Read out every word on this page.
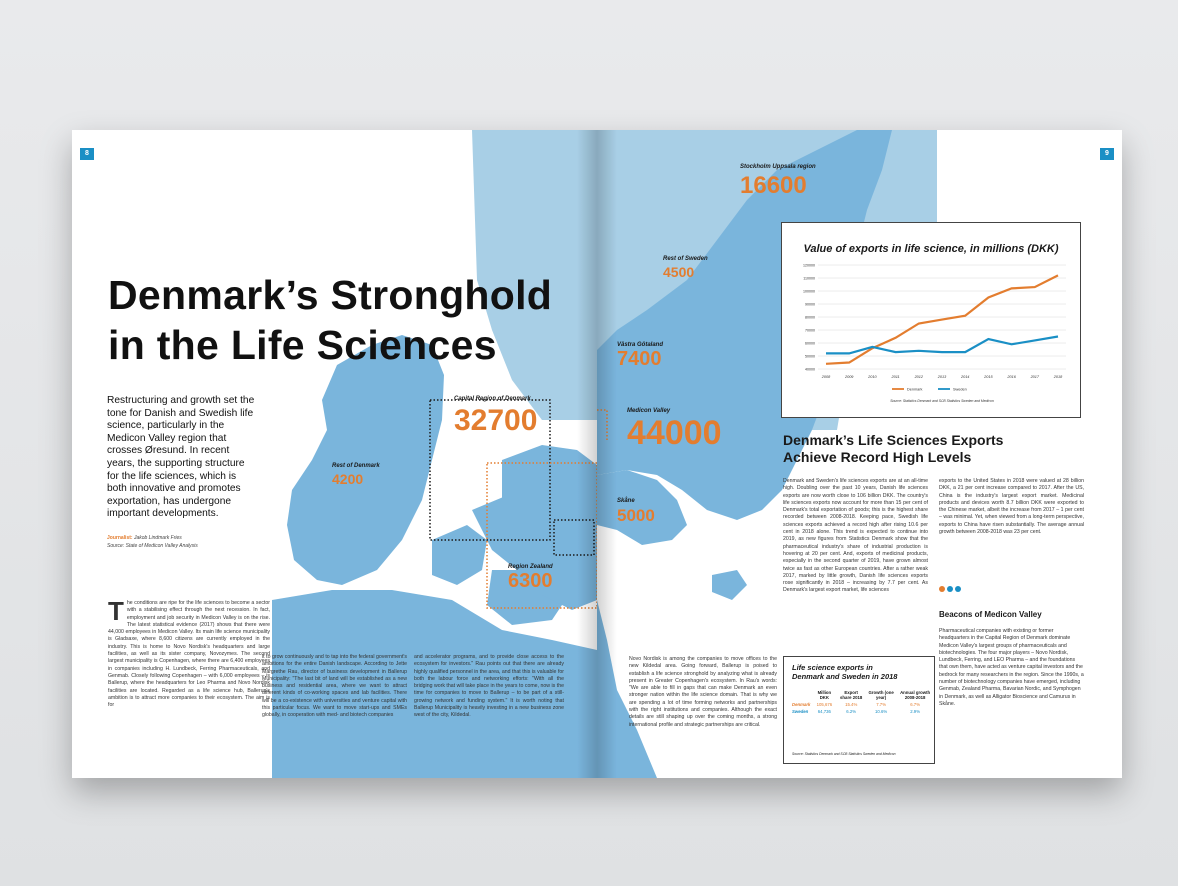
8
Denmark’s Stronghold
in the Life Sciences
Restructuring and growth set the tone for Danish and Swedish life science, particularly in the Medicon Valley region that crosses Øresund. In recent years, the supporting structure for the life sciences, which is both innovative and promotes exportation, has undergone important developments.
Journalist: Jakob Lindmark Fries
Source: State of Medicon Valley Analysis
Rest of Denmark
4200
Capital Region of Denmark
32700
Region Zealand
6300
T he conditions are ripe for the life sciences to become a sector with a stabilising effect through the next recession. In fact, employment and job security in Medicon Valley is on the rise. The latest statistical evidence (2017) shows that there were 44,000 employees in Medicon Valley. Its main life science municipality is Gladsaxe, where 8,600 citizens are currently employed in the industry. This is home to Novo Nordisk's headquarters and large facilities, as well as its sister company, Novozymes. The second largest municipality is Copenhagen, where there are 6,400 employees in companies including H. Lundbeck, Ferring Pharmaceuticals, and Genmab. Closely following Copenhagen – with 6,000 employees – is Ballerup, where the headquarters for Leo Pharma and Novo Nordisk facilities are located. Regarded as a life science hub, Ballerup's ambition is to attract more companies to their ecosystem. The aim is for
it to grow continuously and to tap into the federal government's ambitions for the entire Danish landscape. According to Jette Margrethe Rau, director of business development in Ballerup Municipality: "The last bit of land will be established as a new business and residential area, where we want to attract different kinds of co-working spaces and lab facilities. There will be a co-existence with universities and venture capital with this particular focus. We want to move start-ups and SMEs globally, in cooperation with med- and biotech companies
and accelerator programs, and to provide close access to the ecosystem for investors." Rau points out that there are already highly qualified personnel in the area, and that this is valuable for both the labour force and networking efforts: "With all the bridging work that will take place in the years to come, now is the time for companies to move to Ballerup – to be part of a still-growing network and funding system." It is worth noting that Ballerup Municipality is heavily investing in a new business zone west of the city, Kildedal.
9
Stockholm Uppsala region
16600
Rest of Sweden
4500
Västra Götaland
7400
Medicon Valley
44000
Skåne
5000
Value of exports in life science, in millions (DKK)
40000
50000
60000
70000
80000
90000
100000
110000
120000
2008	2009	2010	2011	2012	2013	2014	2015	2016	2017	2018
Denmark	Sweden
Source: Statistics Denmark and SCB Statistics Sweden and Medicon
Denmark’s Life Sciences Exports
Achieve Record High Levels
Denmark and Sweden's life sciences exports are at an all-time high. Doubling over the past 10 years, Danish life sciences exports are now worth close to 106 billion DKK. The country's life sciences exports now account for more than 15 per cent of Denmark's total exportation of goods; this is the highest share recorded between 2008-2018. Keeping pace, Swedish life sciences exports achieved a record high after rising 10.6 per cent in 2018 alone. This trend is expected to continue into 2019, as new figures from Statistics Denmark show that the pharmaceutical industry's share of industrial production is hovering at 20 per cent. And, exports of medicinal products, especially in the second quarter of 2019, have grown almost twice as fast as other European countries. After a rather weak 2017, marked by little growth, Danish life sciences exports rose significantly in 2018 – increasing by 7.7 per cent. As Denmark's largest export market, life sciences
exports to the United States in 2018 were valued at 28 billion DKK, a 21 per cent increase compared to 2017. After the US, China is the industry's largest export market. Medicinal products and devices worth 8.7 billion DKK were exported to the Chinese market, albeit the increase from 2017 – 1 per cent – was minimal. Yet, when viewed from a long-term perspective, exports to China have risen substantially. The average annual growth between 2008-2018 was 23 per cent.
Beacons of Medicon Valley
Pharmaceutical companies with existing or former headquarters in the Capital Region of Denmark dominate Medicon Valley's largest groups of pharmaceuticals and biotechnologies. The four major players – Novo Nordisk, Lundbeck, Ferring, and LEO Pharma – and the foundations that own them, have acted as venture capital investors and the bedrock for many researchers in the region. Since the 1990s, a number of biotechnology companies have emerged, including Genmab, Zealand Pharma, Bavarian Nordic, and Symphogen in Denmark, as well as Alligator Bioscience and Camurus in Skåne.
Novo Nordisk is among the companies to move offices to the new Kildedal area. Going forward, Ballerup is poised to establish a life science stronghold by analyzing what is already present in Greater Copenhagen's ecosystem. In Rau's words: "We are able to fill in gaps that can make Denmark an even stronger nation within the life science domain. That is why we are spending a lot of time forming networks and partnerships with the right institutions and companies. Although the exact details are still shaping up over the coming months, a strong international profile and strategic partnerships are critical.
Life science exports in
Denmark and Sweden in 2018
	Million DKK	Export share 2018	Growth (one year)	Annual growth 2008-2018
Denmark	105,676	15.4%	7.7%	6.7%
Sweden	64,736	6.2%	10.6%	2.9%
Source: Statistics Denmark and SCB Statistics Sweden and Medicon
